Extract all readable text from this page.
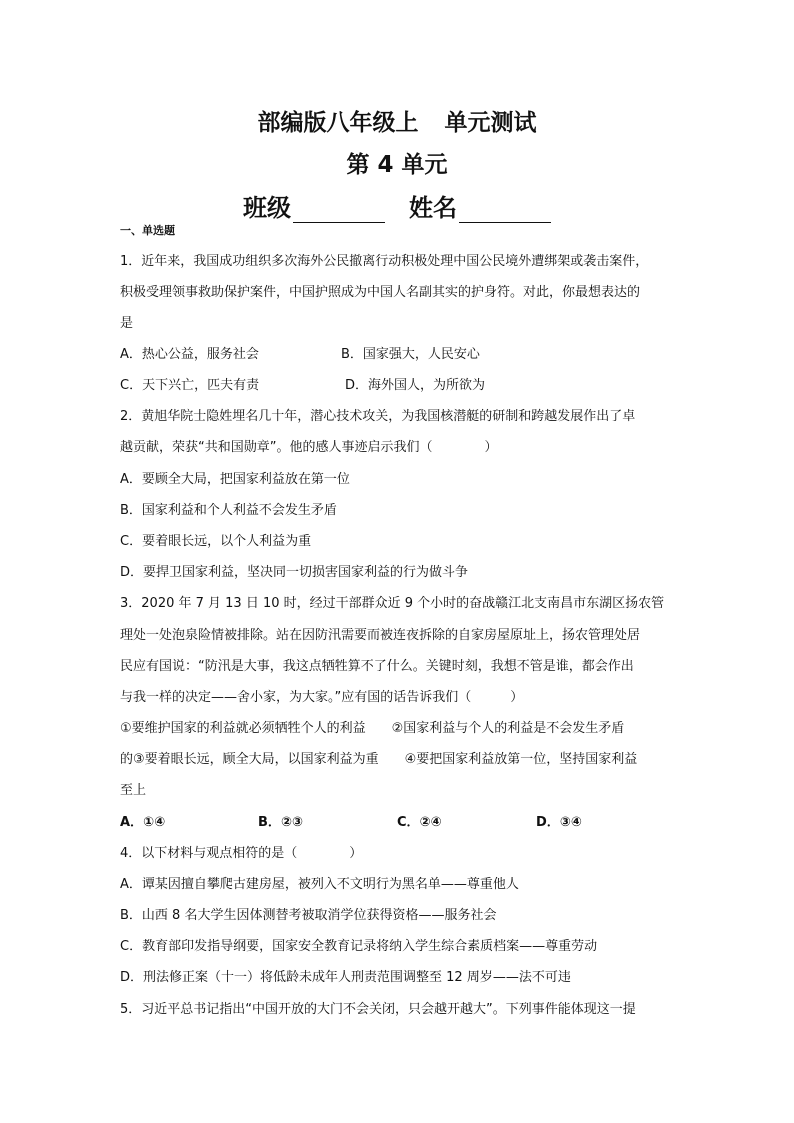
部编版八年级上 单元测试
第 4 单元
班级	姓名
一、单选题
1．近年来，我国成功组织多次海外公民撤离行动积极处理中国公民境外遭绑架或袭击案件，
积极受理领事救助保护案件，中国护照成为中国人名副其实的护身符。对此，你最想表达的
是
A．热心公益，服务社会	B．国家强大，人民安心
C．天下兴亡，匹夫有责	D．海外国人，为所欲为
2．黄旭华院士隐姓埋名几十年，潜心技术攻关，为我国核潜艇的研制和跨越发展作出了卓
越贡献，荣获“共和国勋章”。他的感人事迹启示我们（　　　　）
A．要顾全大局，把国家利益放在第一位
B．国家利益和个人利益不会发生矛盾
C．要着眼长远，以个人利益为重
D．要捍卫国家利益，坚决同一切损害国家利益的行为做斗争
3．2020 年 7 月 13 日 10 时，经过干部群众近 9 个小时的奋战赣江北支南昌市东湖区扬农管
理处一处泡泉险情被排除。站在因防汛需要而被连夜拆除的自家房屋原址上，扬农管理处居
民应有国说：“防汛是大事，我这点牺牲算不了什么。关键时刻，我想不管是谁，都会作出
与我一样的决定——舍小家，为大家。”应有国的话告诉我们（　　　）
①要维护国家的利益就必须牺牲个人的利益　　②国家利益与个人的利益是不会发生矛盾
的③要着眼长远，顾全大局，以国家利益为重　　④要把国家利益放第一位，坚持国家利益
至上
A．①④	B．②③	C．②④	D．③④
4．以下材料与观点相符的是（　　　　）
A．谭某因擅自攀爬古建房屋，被列入不文明行为黑名单——尊重他人
B．山西 8 名大学生因体测替考被取消学位获得资格——服务社会
C．教育部印发指导纲要，国家安全教育记录将纳入学生综合素质档案——尊重劳动
D．刑法修正案（十一）将低龄未成年人刑责范围调整至 12 周岁——法不可违
5．习近平总书记指出“中国开放的大门不会关闭，只会越开越大”。下列事件能体现这一提
